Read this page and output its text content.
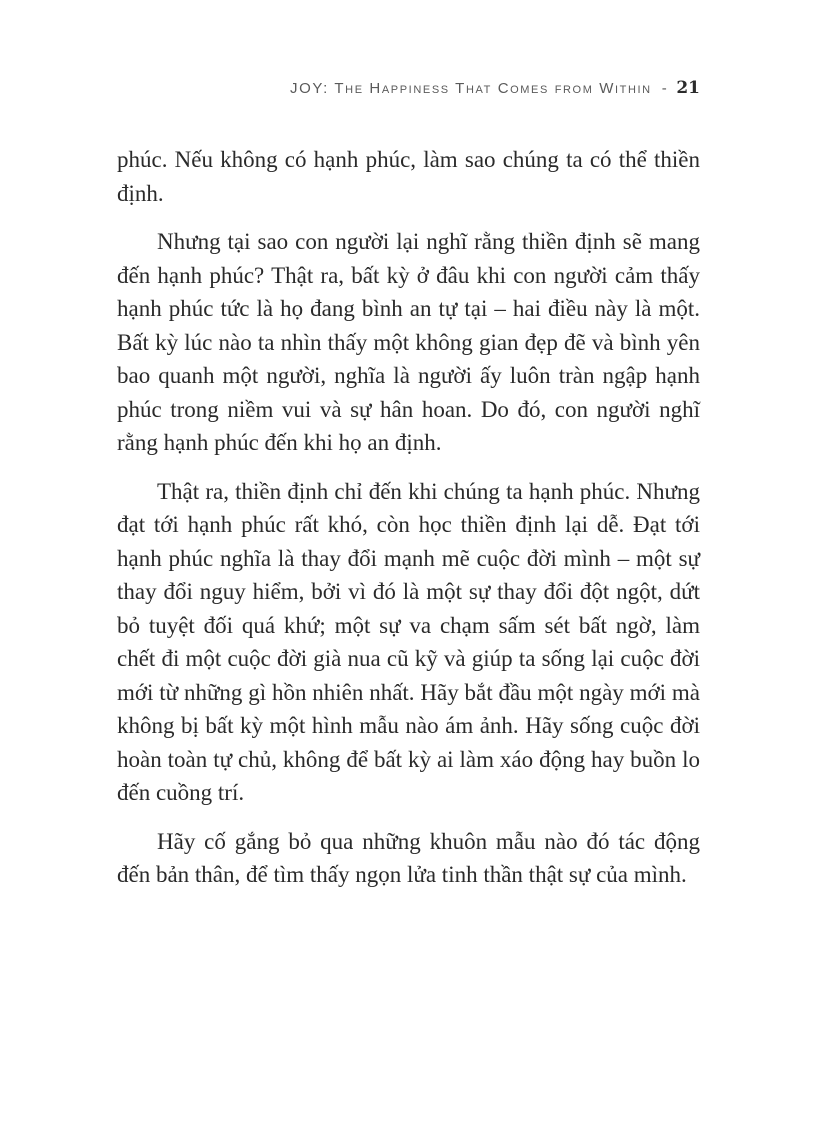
JOY: The Happiness That Comes from Within - 21

phúc. Nếu không có hạnh phúc, làm sao chúng ta có thể thiền định.

Nhưng tại sao con người lại nghĩ rằng thiền định sẽ mang đến hạnh phúc? Thật ra, bất kỳ ở đâu khi con người cảm thấy hạnh phúc tức là họ đang bình an tự tại – hai điều này là một. Bất kỳ lúc nào ta nhìn thấy một không gian đẹp đẽ và bình yên bao quanh một người, nghĩa là người ấy luôn tràn ngập hạnh phúc trong niềm vui và sự hân hoan. Do đó, con người nghĩ rằng hạnh phúc đến khi họ an định.

Thật ra, thiền định chỉ đến khi chúng ta hạnh phúc. Nhưng đạt tới hạnh phúc rất khó, còn học thiền định lại dễ. Đạt tới hạnh phúc nghĩa là thay đổi mạnh mẽ cuộc đời mình – một sự thay đổi nguy hiểm, bởi vì đó là một sự thay đổi đột ngột, dứt bỏ tuyệt đối quá khứ; một sự va chạm sấm sét bất ngờ, làm chết đi một cuộc đời già nua cũ kỹ và giúp ta sống lại cuộc đời mới từ những gì hồn nhiên nhất. Hãy bắt đầu một ngày mới mà không bị bất kỳ một hình mẫu nào ám ảnh. Hãy sống cuộc đời hoàn toàn tự chủ, không để bất kỳ ai làm xáo động hay buồn lo đến cuồng trí.

Hãy cố gắng bỏ qua những khuôn mẫu nào đó tác động đến bản thân, để tìm thấy ngọn lửa tinh thần thật sự của mình.
